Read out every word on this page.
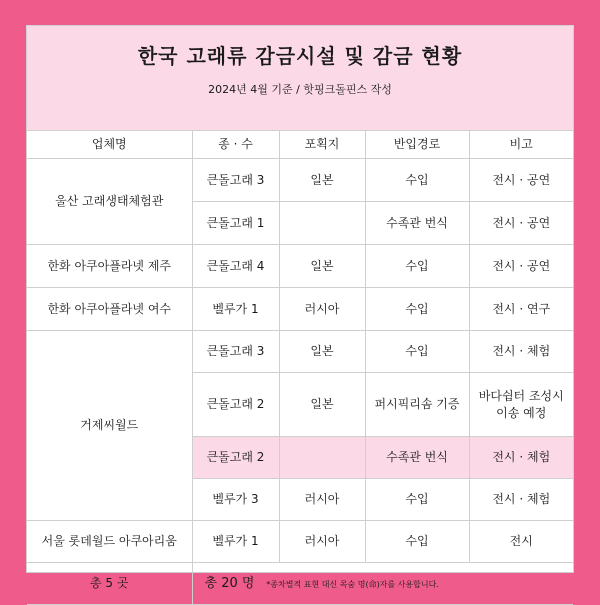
한국 고래류 감금시설 및 감금 현황
2024년 4월 기준 / 핫핑크돌핀스 작성
업체명	종 · 수	포획지	반입경로	비고
울산 고래생태체험관	큰돌고래 3	일본	수입	전시 · 공연
	큰돌고래 1		수족관 번식	전시 · 공연
한화 아쿠아플라넷 제주	큰돌고래 4	일본	수입	전시 · 공연
한화 아쿠아플라넷 여수	벨루가 1	러시아	수입	전시 · 연구
거제씨월드	큰돌고래 3	일본	수입	전시 · 체험
	큰돌고래 2	일본	퍼시픽리솜 기증	바다쉼터 조성시 이송 예정
	큰돌고래 2		수족관 번식	전시 · 체험
	벨루가 3	러시아	수입	전시 · 체험
서울 롯데월드 아쿠아리움	벨루가 1	러시아	수입	전시
총 5 곳	총 20 명 *종차별적 표현 대신 목숨 명(命)자를 사용합니다.			
